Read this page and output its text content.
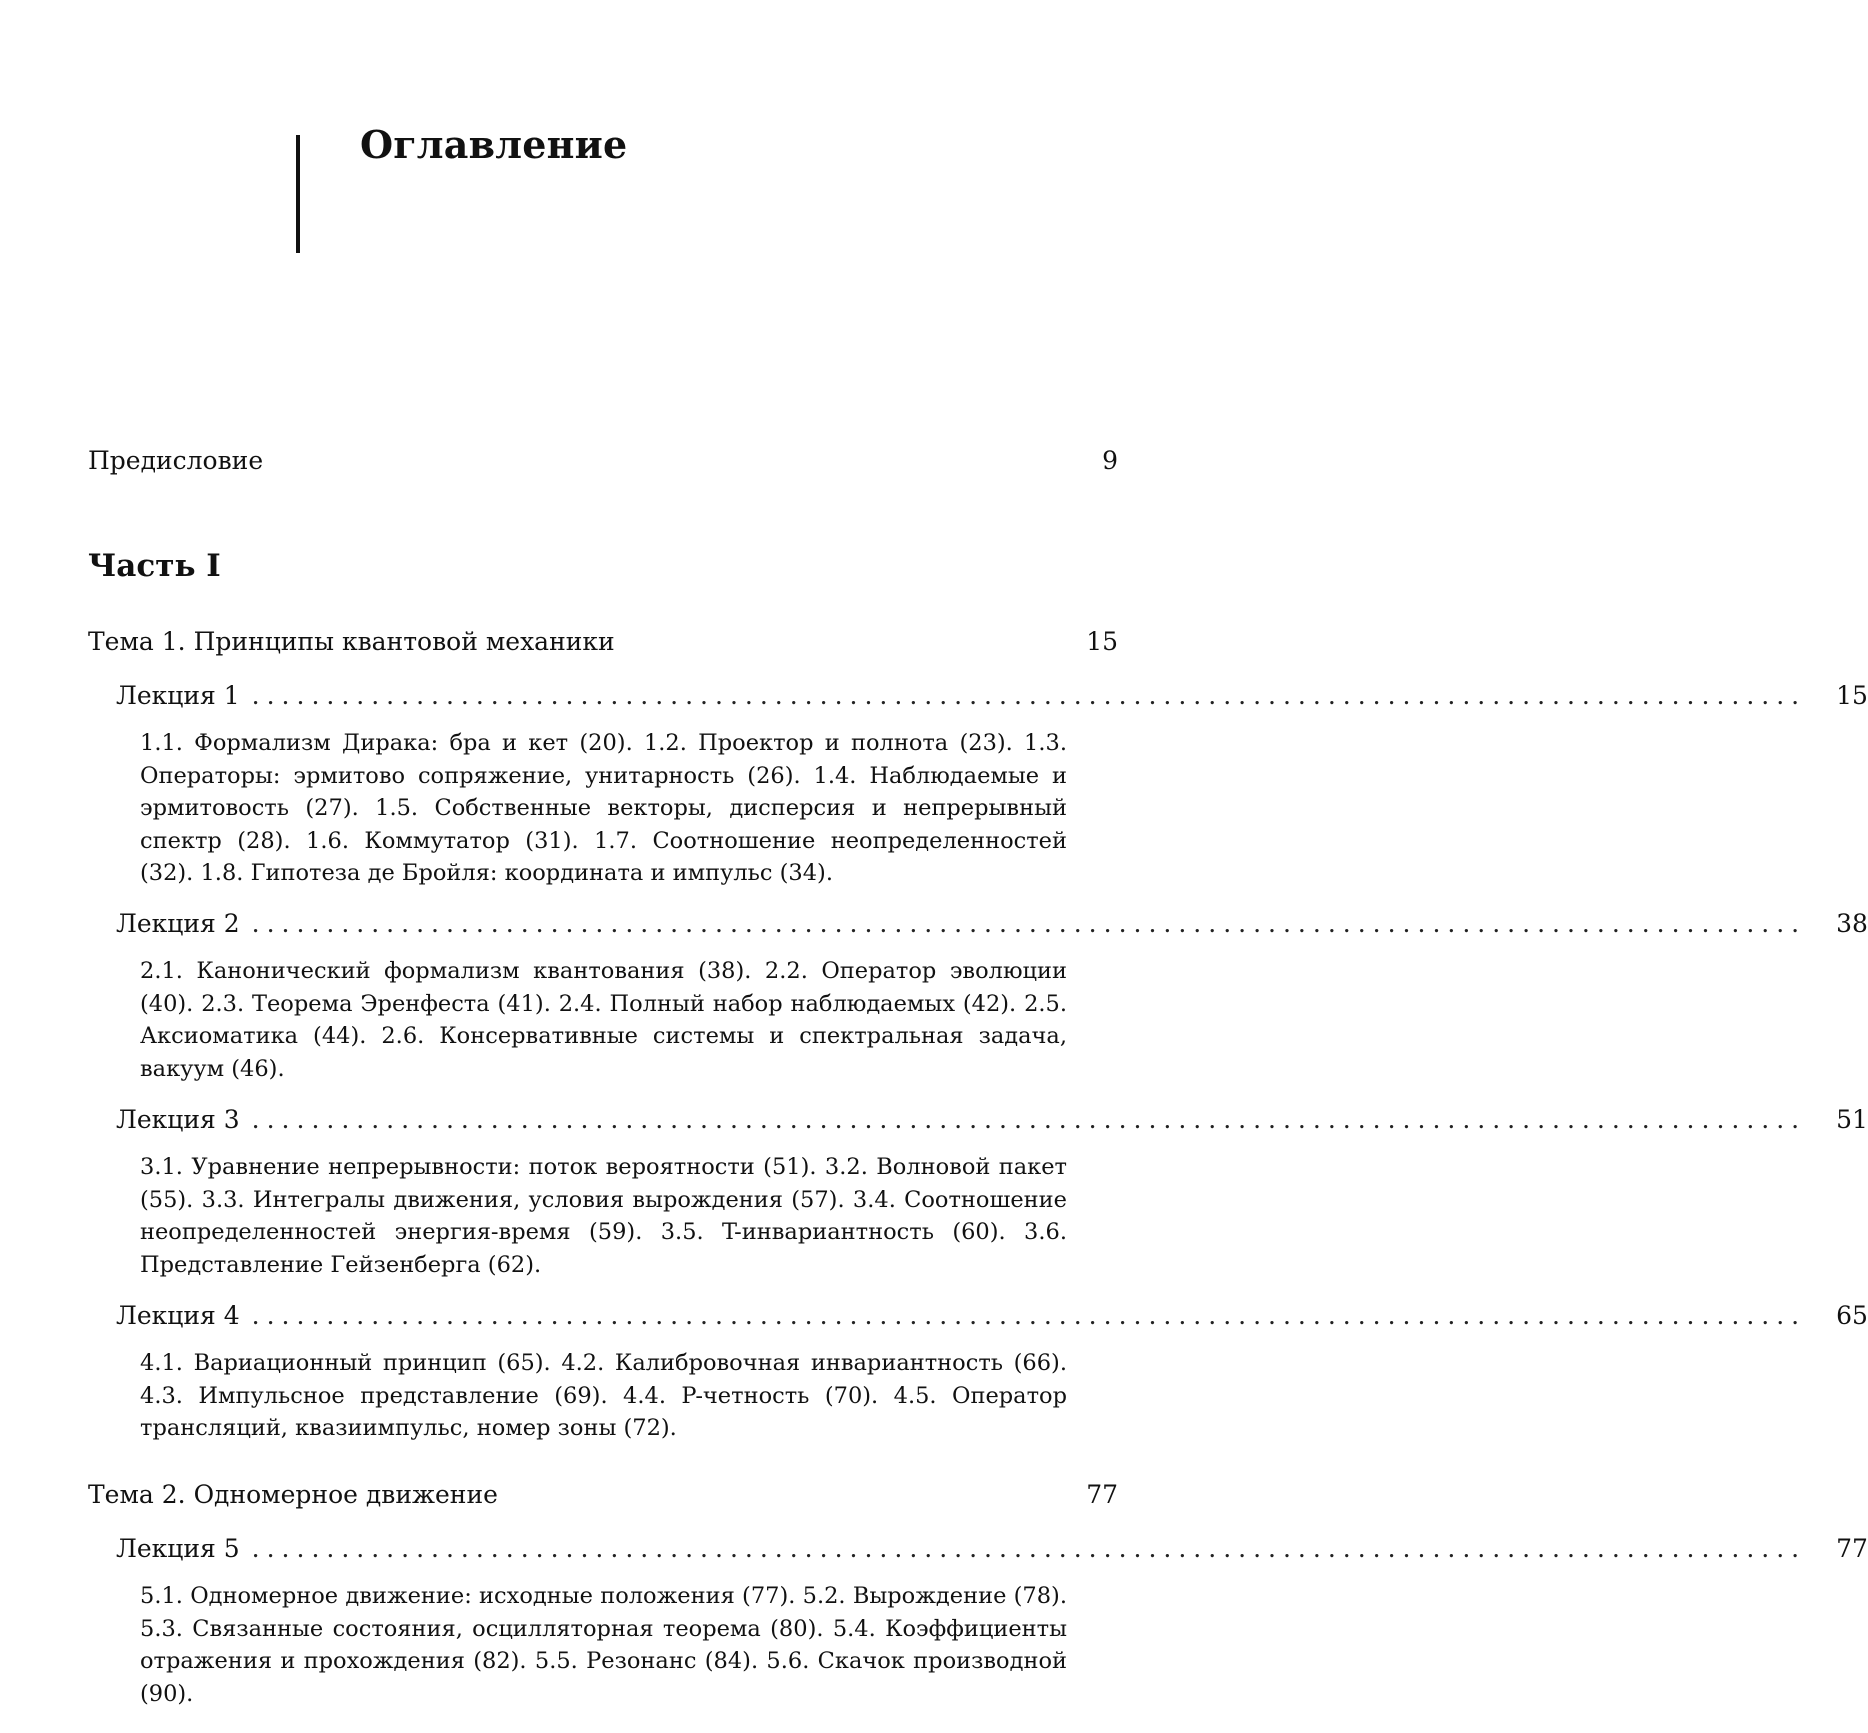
Оглавление
Предисловие	9
Часть I
Тема 1. Принципы квантовой механики	15
Лекция 1 ........................................................................................................ 15

1.1. Формализм Дирака: бра и кет (20). 1.2. Проектор и полнота (23). 1.3. Операторы: эрмитово сопряжение, унитарность (26). 1.4. Наблюдаемые и эрмитовость (27). 1.5. Собственные векторы, дисперсия и непрерывный спектр (28). 1.6. Коммутатор (31). 1.7. Соотношение неопределенностей (32). 1.8. Гипотеза де Бройля: координата и импульс (34).

Лекция 2 ........................................................................................................ 38

2.1. Канонический формализм квантования (38). 2.2. Оператор эволюции (40). 2.3. Теорема Эренфеста (41). 2.4. Полный набор наблюдаемых (42). 2.5. Аксиоматика (44). 2.6. Консервативные системы и спектральная задача, вакуум (46).

Лекция 3 ........................................................................................................ 51

3.1. Уравнение непрерывности: поток вероятности (51). 3.2. Волновой пакет (55). 3.3. Интегралы движения, условия вырождения (57). 3.4. Соотношение неопределенностей энергия-время (59). 3.5. T-инвариантность (60). 3.6. Представление Гейзенберга (62).

Лекция 4 ........................................................................................................ 65

4.1. Вариационный принцип (65). 4.2. Калибровочная инвариантность (66). 4.3. Импульсное представление (69). 4.4. P-четность (70). 4.5. Оператор трансляций, квазиимпульс, номер зоны (72).

Тема 2. Одномерное движение	77
Лекция 5 ........................................................................................................ 77

5.1. Одномерное движение: исходные положения (77). 5.2. Вырождение (78). 5.3. Связанные состояния, осцилляторная теорема (80). 5.4. Коэффициенты отражения и прохождения (82). 5.5. Резонанс (84). 5.6. Скачок производной (90).
